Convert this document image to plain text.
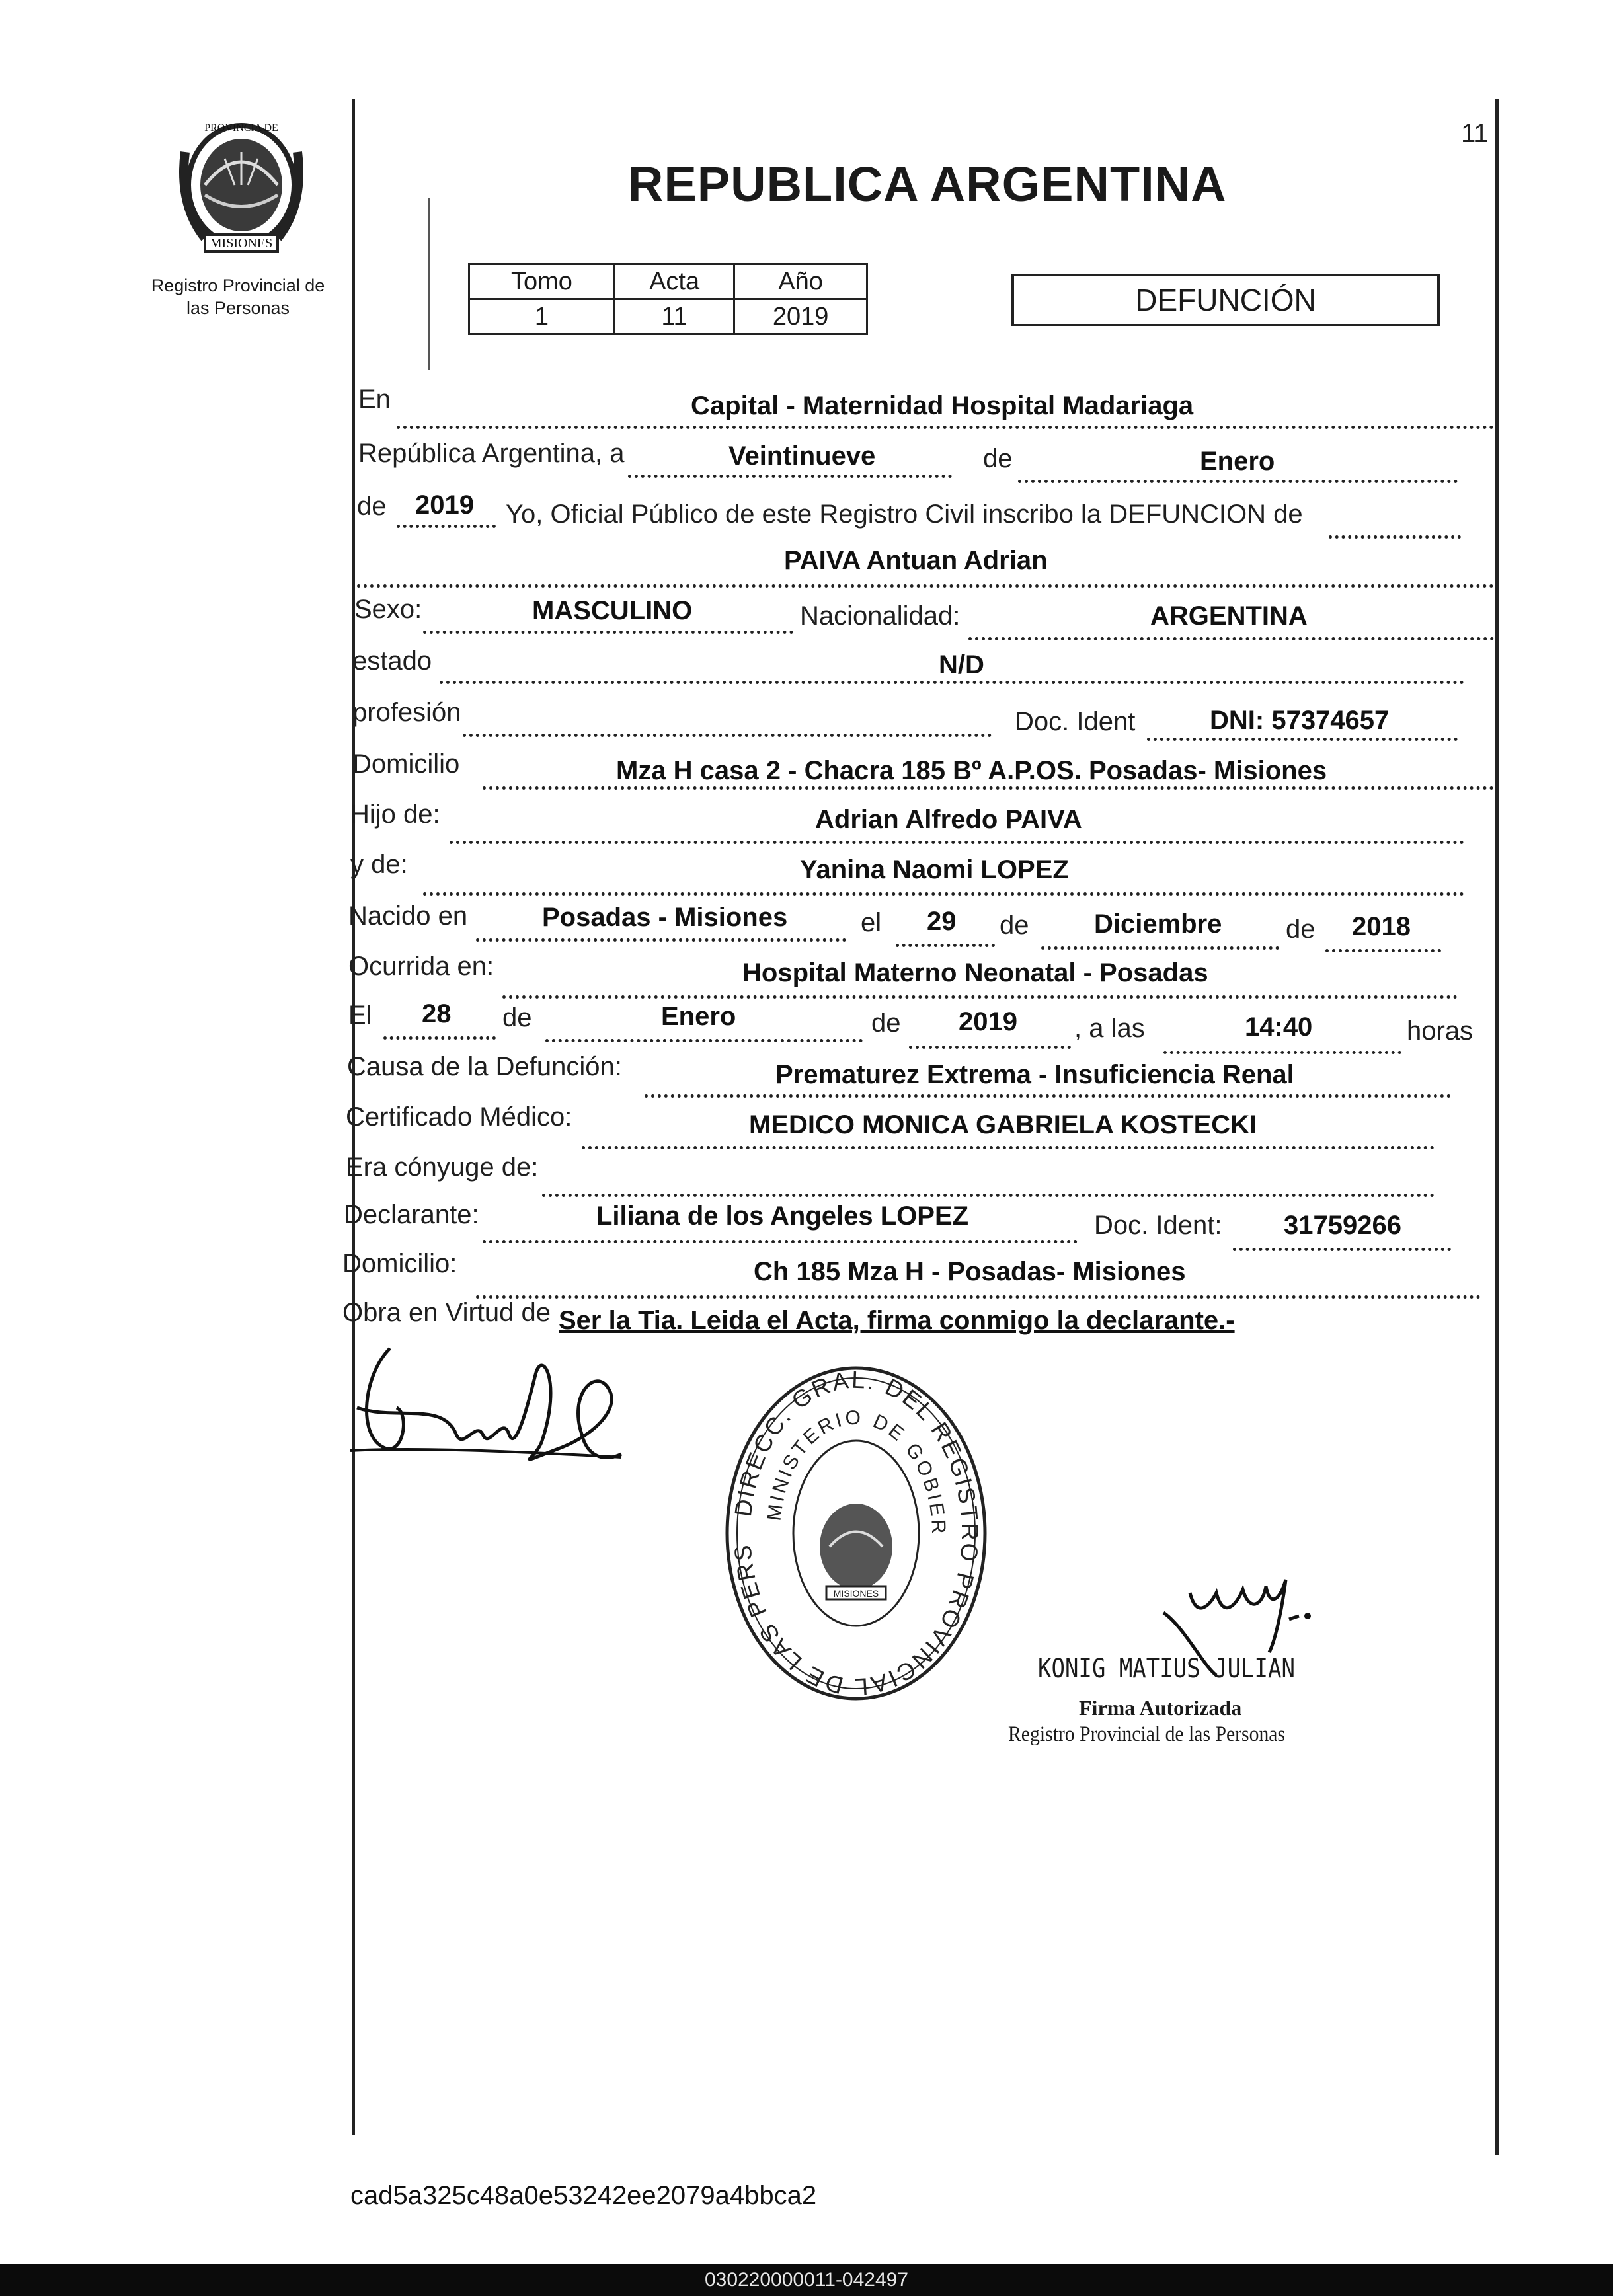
11
MISIONES
PROVINCIA DE
Registro Provincial de las Personas
REPUBLICA ARGENTINA
Tomo	Acta	Año
1	11	2019	DEFUNCIÓN
En	Capital - Maternidad Hospital Madariaga
República Argentina, a	Veintinueve	de	Enero
de 2019 Yo, Oficial Público de este Registro Civil inscribo la DEFUNCION de
PAIVA Antuan Adrian
Sexo:	MASCULINO	Nacionalidad:	ARGENTINA
estado	N/D
profesión	Doc. Ident	DNI: 57374657
Domicilio	Mza H casa 2 - Chacra 185 Bº A.P.OS. Posadas- Misiones
Hijo de:	Adrian Alfredo PAIVA
y de:	Yanina Naomi LOPEZ
Nacido en	Posadas - Misiones	el 29 de Diciembre de 2018
Ocurrida en:	Hospital Materno Neonatal - Posadas
El 28 de	Enero	de 2019 , a las	14:40	horas
Causa de la Defunción:	Prematurez Extrema - Insuficiencia Renal
Certificado Médico:	MEDICO MONICA GABRIELA KOSTECKI
Era cónyuge de:
Declarante:	Liliana de los Angeles LOPEZ	Doc. Ident: 31759266
Domicilio:	Ch 185 Mza H - Posadas- Misiones
Obra en Virtud de Ser la Tia. Leida el Acta, firma conmigo la declarante.-
DIRECC. GRAL. DEL REGISTRO PROVINCIAL DE LAS PERS
MINISTERIO DE GOBIER
MISIONES
KONIG MATIUS JULIAN
Firma Autorizada
Registro Provincial de las Personas
cad5a325c48a0e53242ee2079a4bbca2
030220000011-042497
